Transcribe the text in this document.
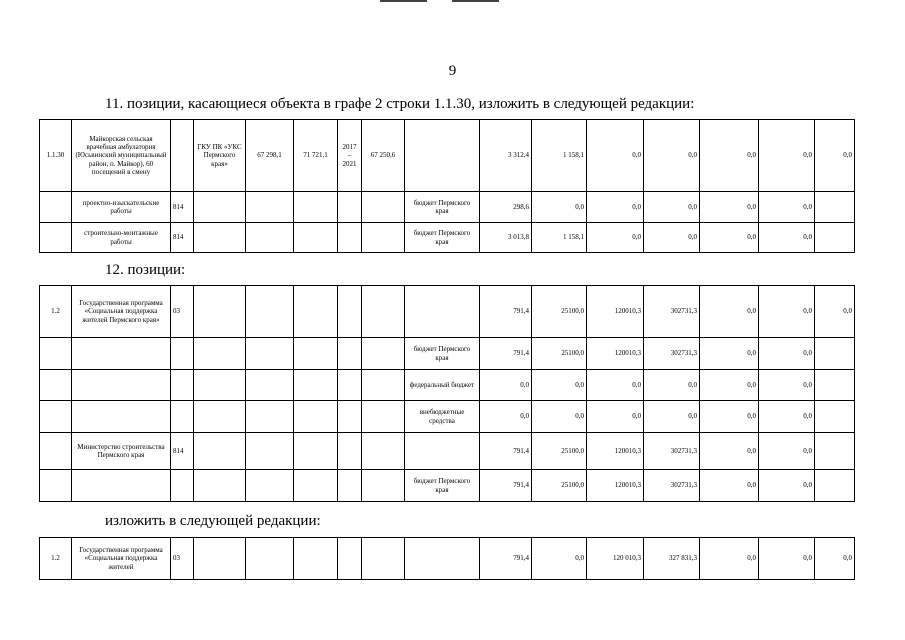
9
11. позиции, касающиеся объекта в графе 2 строки 1.1.30, изложить в следующей редакции:
12. позиции:
изложить в следующей редакции:
1.1.30	Майкорская сельская врачебная амбулатория (Юсьвинский муниципальный район, п. Майкор), 60 посещений в смену		ГКУ ПК «УКС Пермского края»	67 298,1	71 721,1	2017 – 2021	67 250,6		3 312,4	1 158,1	0,0	0,0	0,0	0,0	0,0
	проектно-изыскательские работы	814						бюджет Пермского края	298,6	0,0	0,0	0,0	0,0	0,0	
	строительно-монтажные работы	814						бюджет Пермского края	3 013,8	1 158,1	0,0	0,0	0,0	0,0	
1.2	Государственная программа «Социальная поддержка жителей Пермского края»	03							791,4	25100,0	120010,3	302731,3	0,0	0,0	0,0
								бюджет Пермского края	791,4	25100,0	120010,3	302731,3	0,0	0,0	
								федеральный бюджет	0,0	0,0	0,0	0,0	0,0	0,0	
								внебюджетные средства	0,0	0,0	0,0	0,0	0,0	0,0	
	Министерство строительства Пермского края	814							791,4	25100,0	120010,3	302731,3	0,0	0,0	
								бюджет Пермского края	791,4	25100,0	120010,3	302731,3	0,0	0,0	
1.2	Государственная программа «Социальная поддержка жителей	03							791,4	0,0	120 010,3	327 831,3	0,0	0,0	0,0
